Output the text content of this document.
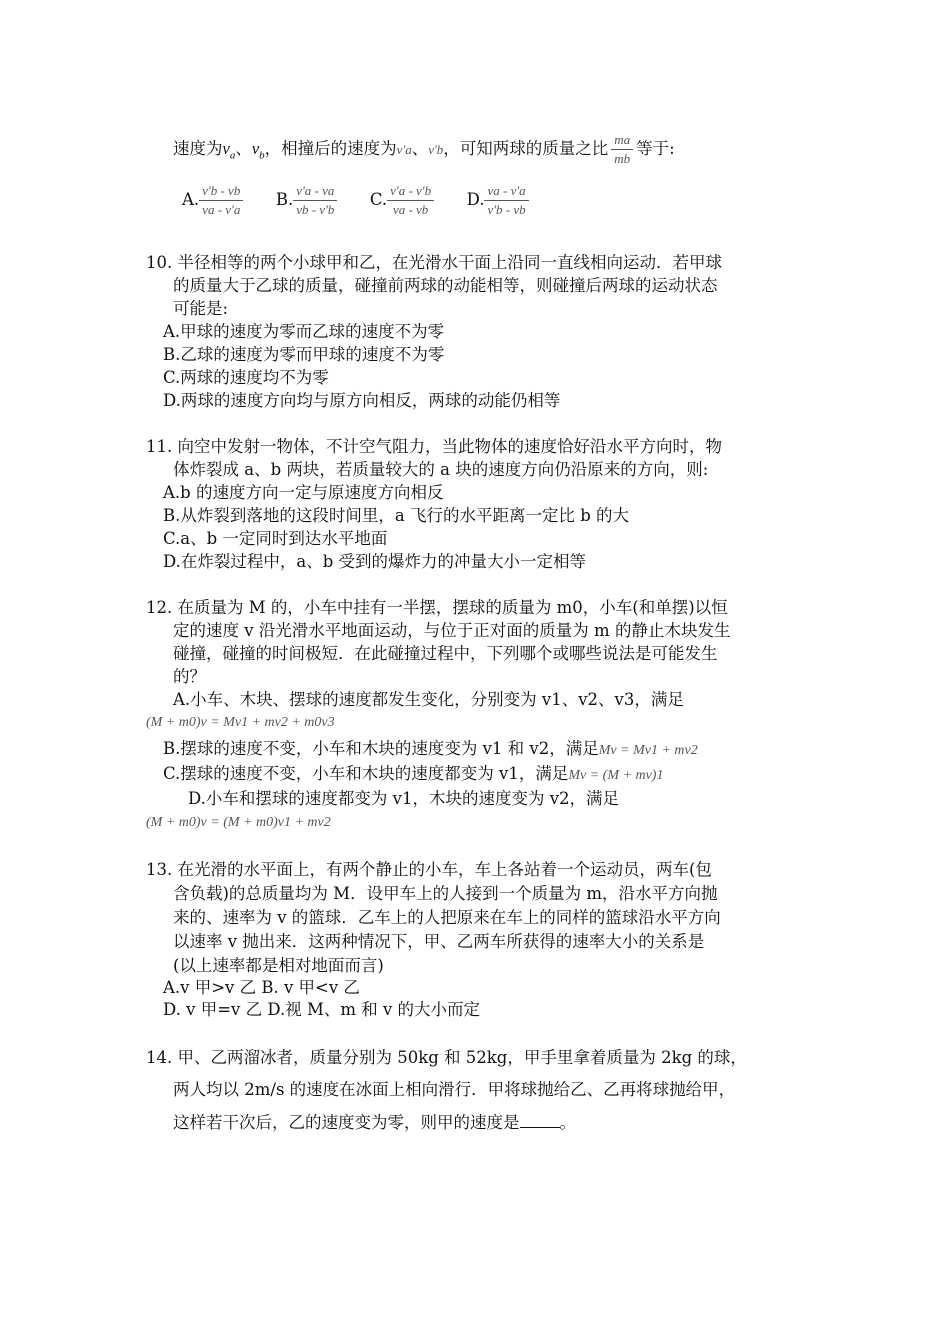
速度为$v_a$、$v_b$，相撞后的速度为v'a、v'b，可知两球的质量之比 $\frac{ma}{mb}$ 等于:
A. $\frac{v'b - vb}{va - v'a} B$. $\frac{v'a - va}{vb - v'b} C$. $\frac{v'a - v'b}{va - vb} D$. $\frac{va - v'a}{v'b - vb}$
10. 半径相等的两个小球甲和乙，在光滑水干面上沿同一直线相向运动．若甲球
的质量大于乙球的质量，碰撞前两球的动能相等，则碰撞后两球的运动状态
可能是:
A.甲球的速度为零而乙球的速度不为零
B.乙球的速度为零而甲球的速度不为零
C.两球的速度均不为零
D.两球的速度方向均与原方向相反，两球的动能仍相等
11. 向空中发射一物体，不计空气阻力，当此物体的速度恰好沿水平方向时，物
体炸裂成 a、b 两块，若质量较大的 a 块的速度方向仍沿原来的方向，则:
A.b 的速度方向一定与原速度方向相反
B.从炸裂到落地的这段时间里，a 飞行的水平距离一定比 b 的大
C.a、b 一定同时到达水平地面
D.在炸裂过程中，a、b 受到的爆炸力的冲量大小一定相等
12. 在质量为 M 的，小车中挂有一半摆，摆球的质量为 m0，小车(和单摆)以恒
定的速度 v 沿光滑水平地面运动，与位于正对面的质量为 m 的静止木块发生
碰撞，碰撞的时间极短．在此碰撞过程中，下列哪个或哪些说法是可能发生
的？
A.小车、木块、摆球的速度都发生变化，分别变为 v1、v2、v3，满足
(M + m0)v = Mv1 + mv2 + m0v3
B.摆球的速度不变，小车和木块的速度变为 v1 和 v2，满足Mv = Mv1 + mv2
C.摆球的速度不变，小车和木块的速度都变为 v1，满足Mv = (M + mv)1
D.小车和摆球的速度都变为 v1，木块的速度变为 v2，满足
(M + m0)v = (M + m0)v1 + mv2
13. 在光滑的水平面上，有两个静止的小车，车上各站着一个运动员，两车(包
含负载)的总质量均为 M．设甲车上的人接到一个质量为 m，沿水平方向抛
来的、速率为 v 的篮球．乙车上的人把原来在车上的同样的篮球沿水平方向
以速率 v 抛出来．这两种情况下，甲、乙两车所获得的速率大小的关系是
(以上速率都是相对地面而言)
A.v 甲>v 乙 B. v 甲<v 乙
D. v 甲=v 乙 D.视 M、m 和 v 的大小而定
14. 甲、乙两溜冰者，质量分别为 50kg 和 52kg，甲手里拿着质量为 2kg 的球，
两人均以 2m/s 的速度在冰面上相向滑行．甲将球抛给乙、乙再将球抛给甲，
这样若干次后，乙的速度变为零，则甲的速度是 。
